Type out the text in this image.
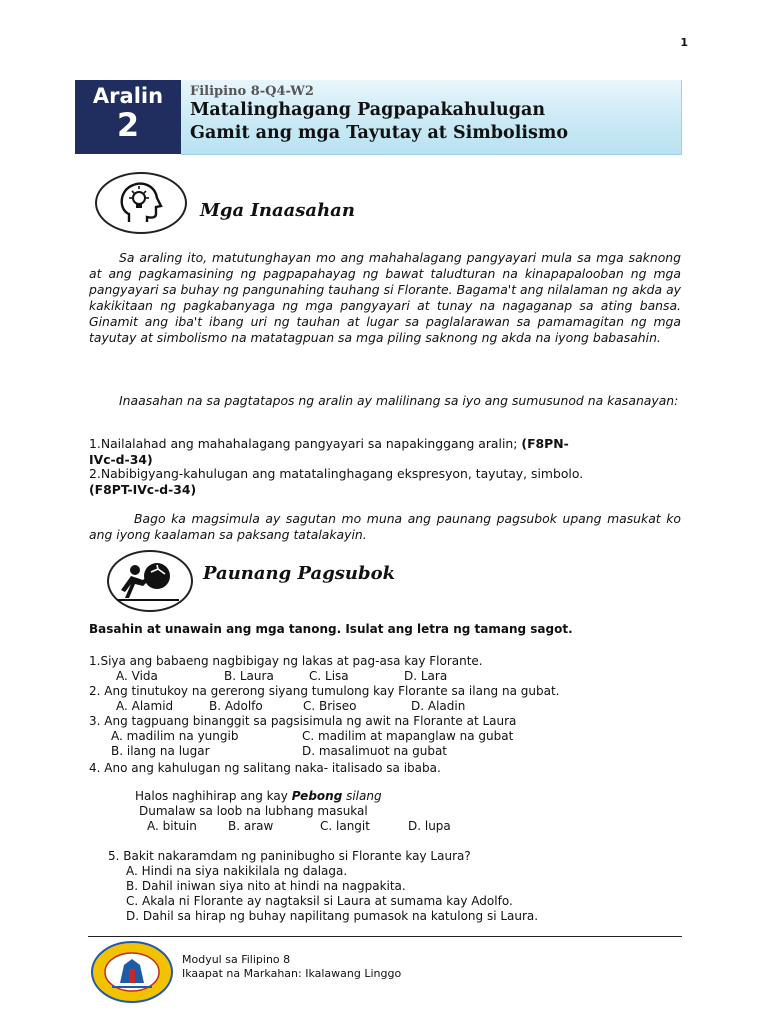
1
Aralin
2
Filipino 8-Q4-W2
Matalinghagang Pagpapakahulugan
Gamit ang mga Tayutay at Simbolismo
Mga Inaasahan
Sa araling ito, matutunghayan mo ang mahahalagang pangyayari mula sa mga saknong at ang pagkamasining ng pagpapahayag ng bawat taludturan na kinapapalooban ng mga pangyayari sa buhay ng pangunahing tauhang si Florante. Bagama't ang nilalaman ng akda ay kakikitaan ng pagkabanyaga ng mga pangyayari at tunay na nagaganap sa ating bansa. Ginamit ang iba't ibang uri ng tauhan at lugar sa paglalarawan sa pamamagitan ng mga tayutay at simbolismo na matatagpuan sa mga piling saknong ng akda na iyong babasahin.
Inaasahan na sa pagtatapos ng aralin ay malilinang sa iyo ang sumusunod na kasanayan:
1.Nailalahad ang mahahalagang pangyayari sa napakinggang aralin; (F8PN-
IVc-d-34)
2.Nabibigyang-kahulugan ang matatalinghagang ekspresyon, tayutay, simbolo.
(F8PT-IVc-d-34)
Bago ka magsimula ay sagutan mo muna ang paunang pagsubok upang masukat ko ang iyong kaalaman sa paksang tatalakayin.
Paunang Pagsubok
Basahin at unawain ang mga tanong. Isulat ang letra ng tamang sagot.
1.Siya ang babaeng nagbibigay ng lakas at pag-asa kay Florante.
A. Vida	B. Laura	C. Lisa	D. Lara
2. Ang tinutukoy na gererong siyang tumulong kay Florante sa ilang na gubat.
A. Alamid	B. Adolfo	C. Briseo	D. Aladin
3. Ang tagpuang binanggit sa pagsisimula ng awit na Florante at Laura
A. madilim na yungib	C. madilim at mapanglaw na gubat
B. ilang na lugar	D. masalimuot na gubat
4. Ano ang kahulugan ng salitang naka- italisado sa ibaba.
Halos naghihirap ang kay Pebong silang
Dumalaw sa loob na lubhang masukal
A. bituin	B. araw	C. langit	D. lupa
5. Bakit nakaramdam ng paninibugho si Florante kay Laura?
A. Hindi na siya nakikilala ng dalaga.
B. Dahil iniwan siya nito at hindi na nagpakita.
C. Akala ni Florante ay nagtaksil si Laura at sumama kay Adolfo.
D. Dahil sa hirap ng buhay napilitang pumasok na katulong si Laura.
Modyul sa Filipino 8
Ikaapat na Markahan: Ikalawang Linggo
